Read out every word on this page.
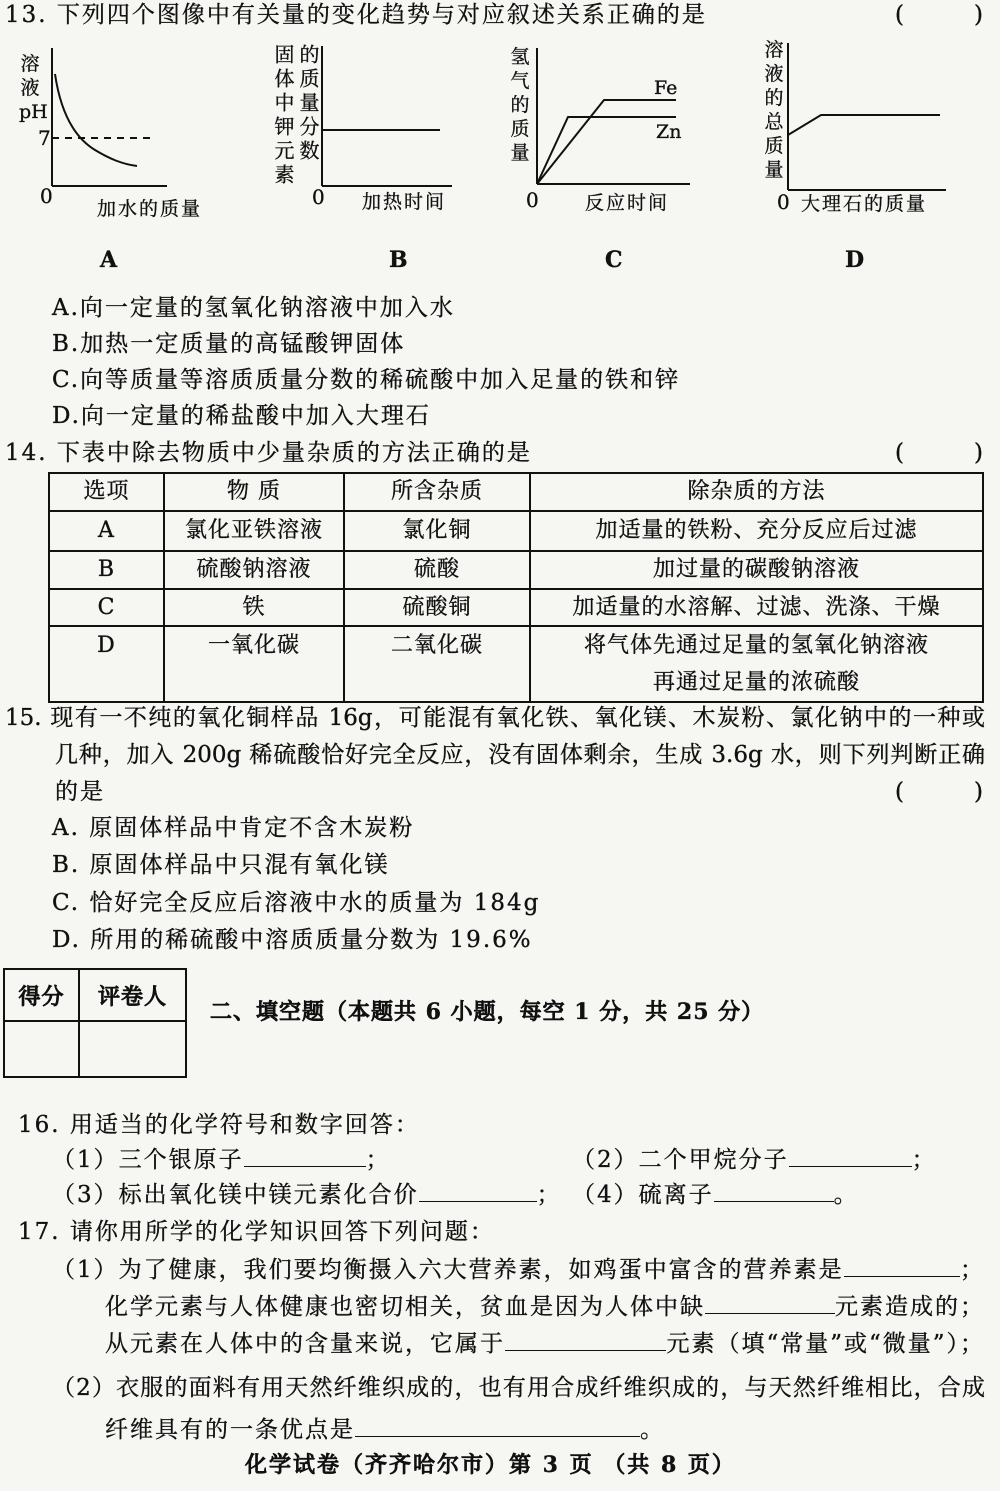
13. 下列四个图像中有关量的变化趋势与对应叙述关系正确的是	( )
溶液pH
7
0
加水的质量
A
固体中钾元素的质量分数
0 加热时间
B
氢气的质量
0 反应时间
Fe
Zn
C
溶液的总质量
0 大理石的质量
D
A.向一定量的氢氧化钠溶液中加入水
B.加热一定质量的高锰酸钾固体
C.向等质量等溶质质量分数的稀硫酸中加入足量的铁和锌
D.向一定量的稀盐酸中加入大理石
14. 下表中除去物质中少量杂质的方法正确的是	( )
选项	物 质	所含杂质	除杂质的方法
A	氯化亚铁溶液	氯化铜	加适量的铁粉、充分反应后过滤
B	硫酸钠溶液	硫酸	加过量的碳酸钠溶液
C	铁	硫酸铜	加适量的水溶解、过滤、洗涤、干燥
D	一氧化碳	二氧化碳	将气体先通过足量的氢氧化钠溶液
再通过足量的浓硫酸
15. 现有一不纯的氧化铜样品 16g，可能混有氧化铁、氧化镁、木炭粉、氯化钠中的一种或
几种，加入 200g 稀硫酸恰好完全反应，没有固体剩余，生成 3.6g 水，则下列判断正确
的是	( )
A. 原固体样品中肯定不含木炭粉
B. 原固体样品中只混有氧化镁
C. 恰好完全反应后溶液中水的质量为 184g
D. 所用的稀硫酸中溶质质量分数为 19.6%
得分	评卷人
二、填空题（本题共 6 小题，每空 1 分，共 25 分）
16. 用适当的化学符号和数字回答：
（1）三个银原子	；	（2）二个甲烷分子	；
（3）标出氧化镁中镁元素化合价	； （4）硫离子	。
17. 请你用所学的化学知识回答下列问题：
（1）为了健康，我们要均衡摄入六大营养素，如鸡蛋中富含的营养素是	；
化学元素与人体健康也密切相关，贫血是因为人体中缺	元素造成的；
从元素在人体中的含量来说，它属于	元素（填“常量”或“微量”）；
（2）衣服的面料有用天然纤维织成的，也有用合成纤维织成的，与天然纤维相比，合成
纤维具有的一条优点是	。
化学试卷（齐齐哈尔市）第 3 页 （共 8 页）
